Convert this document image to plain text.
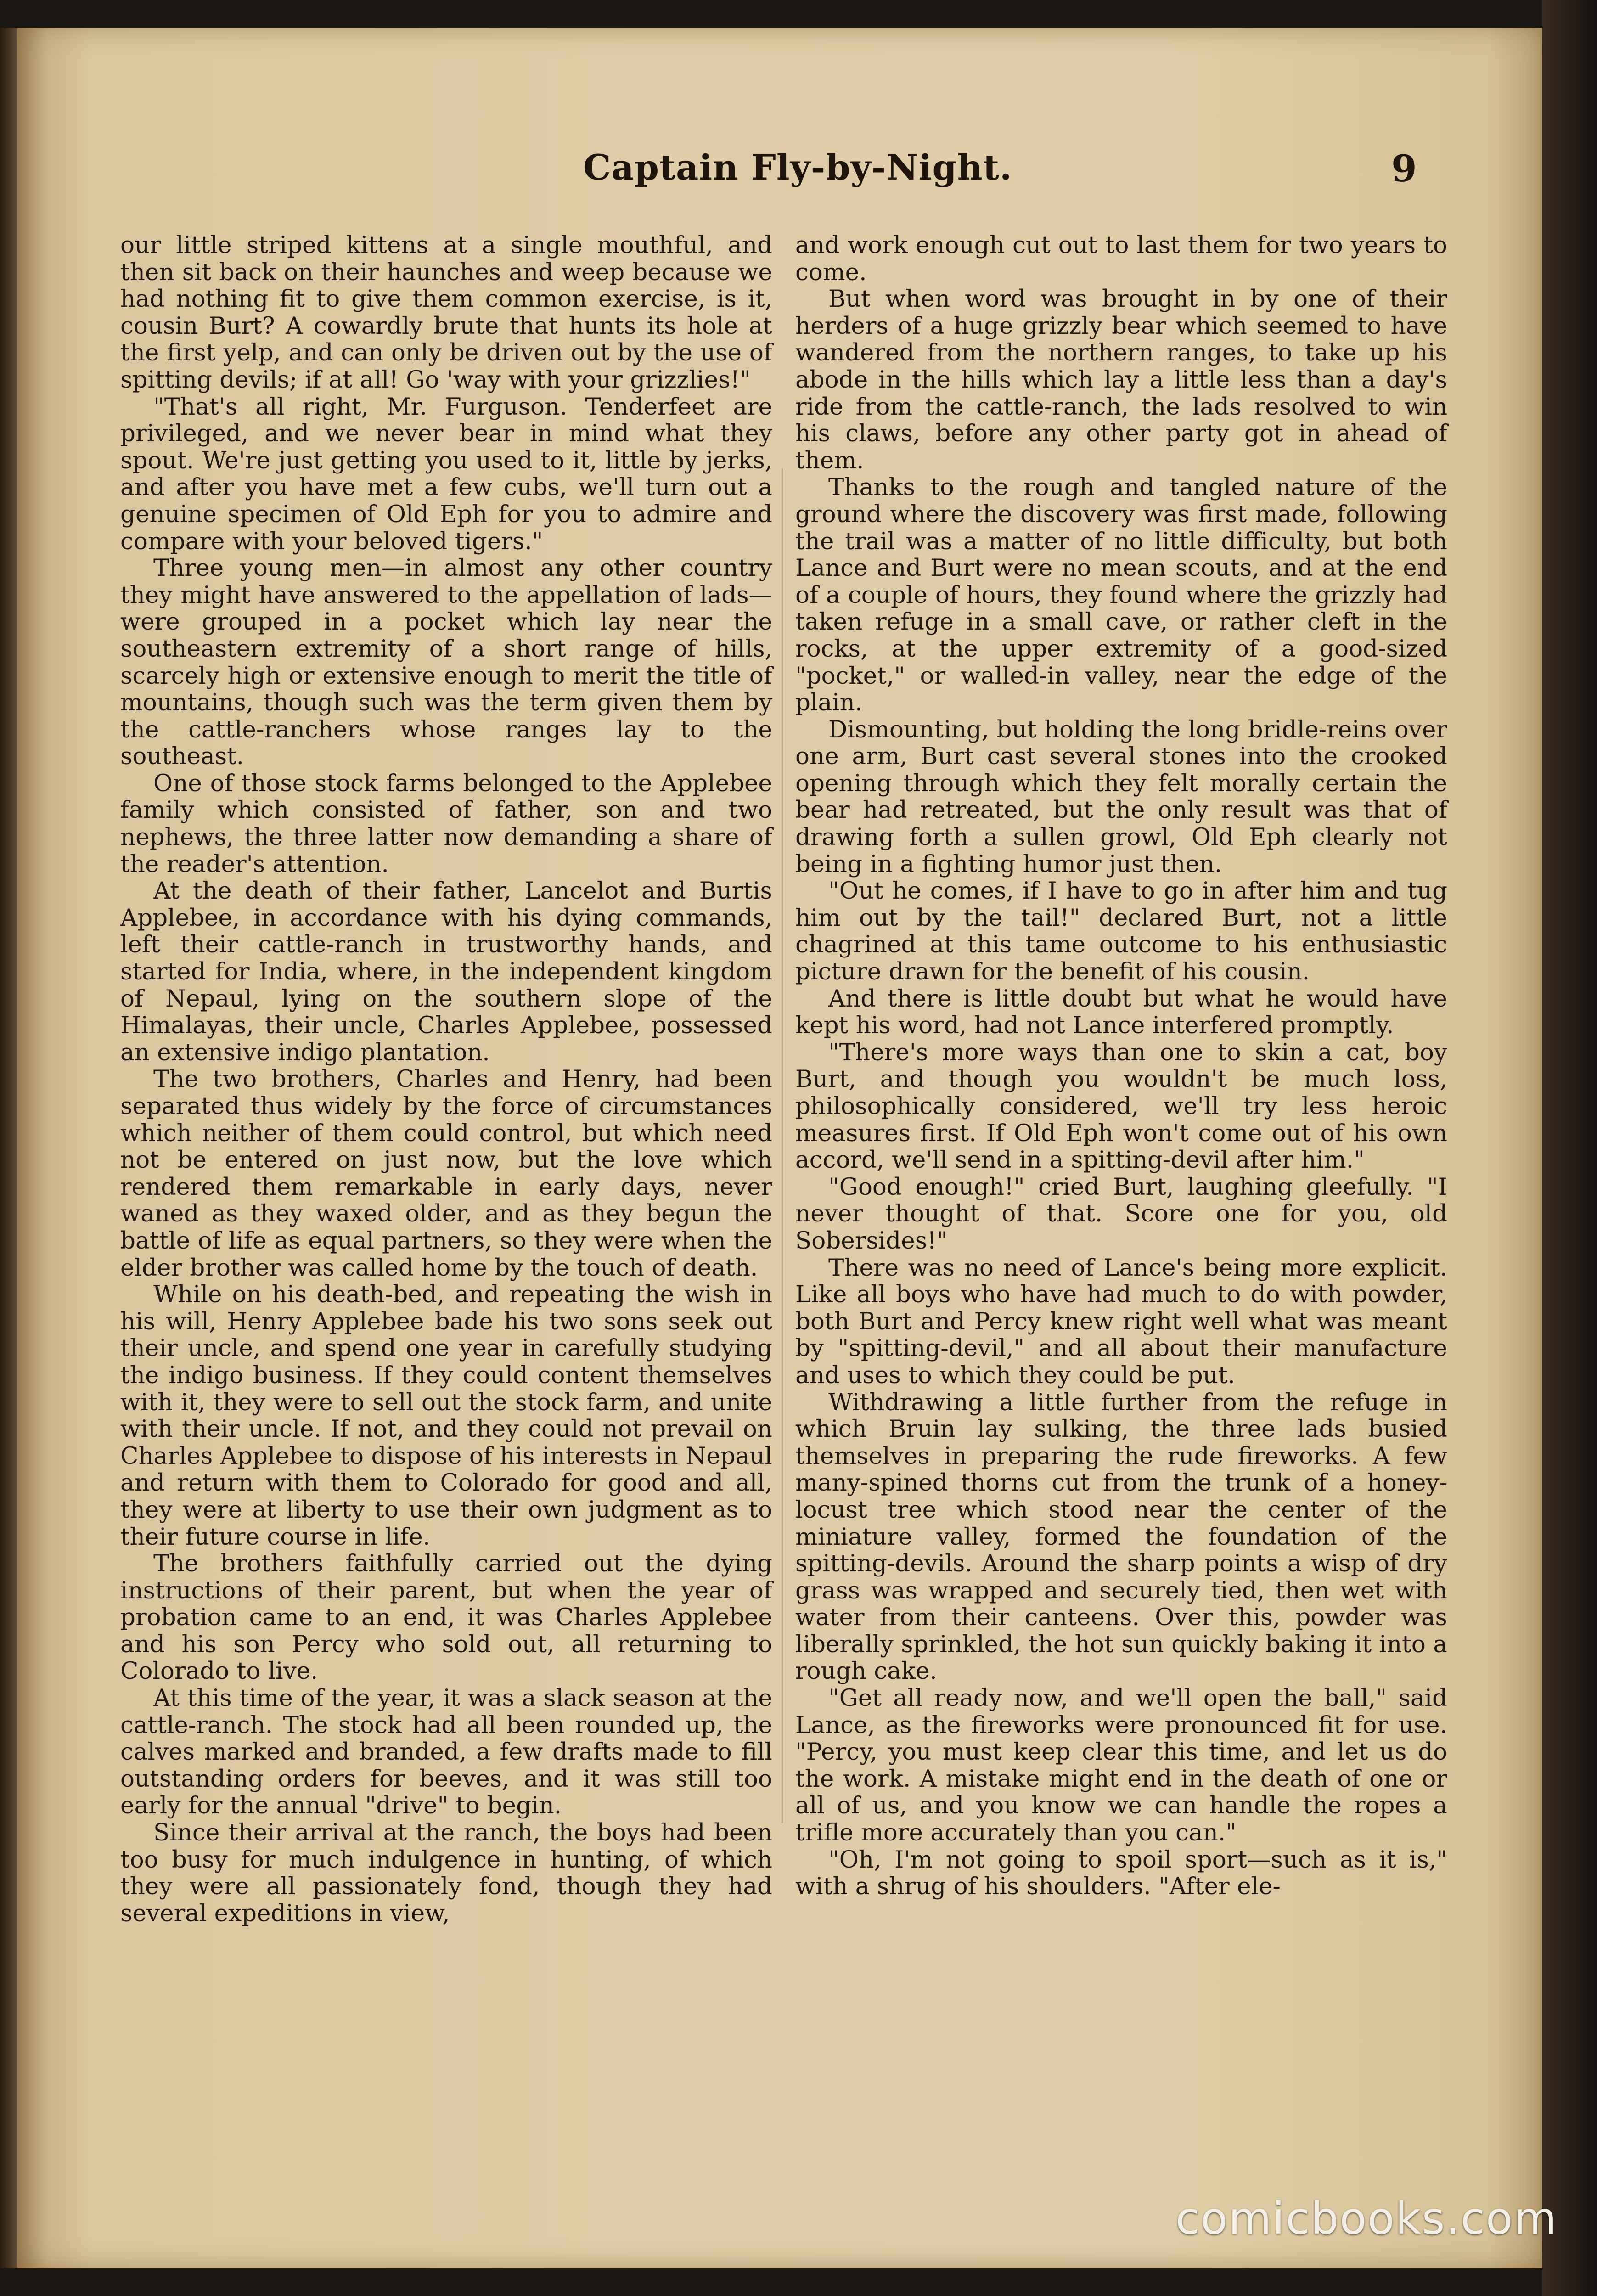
Captain Fly-by-Night.	9

our little striped kittens at a single mouthful, and then sit back on their haunches and weep because we had nothing fit to give them common exercise, is it, cousin Burt? A cowardly brute that hunts its hole at the first yelp, and can only be driven out by the use of spitting devils; if at all! Go 'way with your grizzlies!"

"That's all right, Mr. Furguson. Tenderfeet are privileged, and we never bear in mind what they spout. We're just getting you used to it, little by jerks, and after you have met a few cubs, we'll turn out a genuine specimen of Old Eph for you to admire and compare with your beloved tigers."

Three young men—in almost any other country they might have answered to the appellation of lads—were grouped in a pocket which lay near the southeastern extremity of a short range of hills, scarcely high or extensive enough to merit the title of mountains, though such was the term given them by the cattle-ranchers whose ranges lay to the southeast.

One of those stock farms belonged to the Applebee family which consisted of father, son and two nephews, the three latter now demanding a share of the reader's attention.

At the death of their father, Lancelot and Burtis Applebee, in accordance with his dying commands, left their cattle-ranch in trustworthy hands, and started for India, where, in the independent kingdom of Nepaul, lying on the southern slope of the Himalayas, their uncle, Charles Applebee, possessed an extensive indigo plantation.

The two brothers, Charles and Henry, had been separated thus widely by the force of circumstances which neither of them could control, but which need not be entered on just now, but the love which rendered them remarkable in early days, never waned as they waxed older, and as they begun the battle of life as equal partners, so they were when the elder brother was called home by the touch of death.

While on his death-bed, and repeating the wish in his will, Henry Applebee bade his two sons seek out their uncle, and spend one year in carefully studying the indigo business. If they could content themselves with it, they were to sell out the stock farm, and unite with their uncle. If not, and they could not prevail on Charles Applebee to dispose of his interests in Nepaul and return with them to Colorado for good and all, they were at liberty to use their own judgment as to their future course in life.

The brothers faithfully carried out the dying instructions of their parent, but when the year of probation came to an end, it was Charles Applebee and his son Percy who sold out, all returning to Colorado to live.

At this time of the year, it was a slack season at the cattle-ranch. The stock had all been rounded up, the calves marked and branded, a few drafts made to fill outstanding orders for beeves, and it was still too early for the annual "drive" to begin.

Since their arrival at the ranch, the boys had been too busy for much indulgence in hunting, of which they were all passionately fond, though they had several expeditions in view,

and work enough cut out to last them for two years to come.

But when word was brought in by one of their herders of a huge grizzly bear which seemed to have wandered from the northern ranges, to take up his abode in the hills which lay a little less than a day's ride from the cattle-ranch, the lads resolved to win his claws, before any other party got in ahead of them.

Thanks to the rough and tangled nature of the ground where the discovery was first made, following the trail was a matter of no little difficulty, but both Lance and Burt were no mean scouts, and at the end of a couple of hours, they found where the grizzly had taken refuge in a small cave, or rather cleft in the rocks, at the upper extremity of a good-sized "pocket," or walled-in valley, near the edge of the plain.

Dismounting, but holding the long bridle-reins over one arm, Burt cast several stones into the crooked opening through which they felt morally certain the bear had retreated, but the only result was that of drawing forth a sullen growl, Old Eph clearly not being in a fighting humor just then.

"Out he comes, if I have to go in after him and tug him out by the tail!" declared Burt, not a little chagrined at this tame outcome to his enthusiastic picture drawn for the benefit of his cousin.

And there is little doubt but what he would have kept his word, had not Lance interfered promptly.

"There's more ways than one to skin a cat, boy Burt, and though you wouldn't be much loss, philosophically considered, we'll try less heroic measures first. If Old Eph won't come out of his own accord, we'll send in a spitting-devil after him."

"Good enough!" cried Burt, laughing gleefully. "I never thought of that. Score one for you, old Sobersides!"

There was no need of Lance's being more explicit. Like all boys who have had much to do with powder, both Burt and Percy knew right well what was meant by "spitting-devil," and all about their manufacture and uses to which they could be put.

Withdrawing a little further from the refuge in which Bruin lay sulking, the three lads busied themselves in preparing the rude fireworks. A few many-spined thorns cut from the trunk of a honey-locust tree which stood near the center of the miniature valley, formed the foundation of the spitting-devils. Around the sharp points a wisp of dry grass was wrapped and securely tied, then wet with water from their canteens. Over this, powder was liberally sprinkled, the hot sun quickly baking it into a rough cake.

"Get all ready now, and we'll open the ball," said Lance, as the fireworks were pronounced fit for use. "Percy, you must keep clear this time, and let us do the work. A mistake might end in the death of one or all of us, and you know we can handle the ropes a trifle more accurately than you can."

"Oh, I'm not going to spoil sport—such as it is," with a shrug of his shoulders. "After ele-

comicbooks.com
